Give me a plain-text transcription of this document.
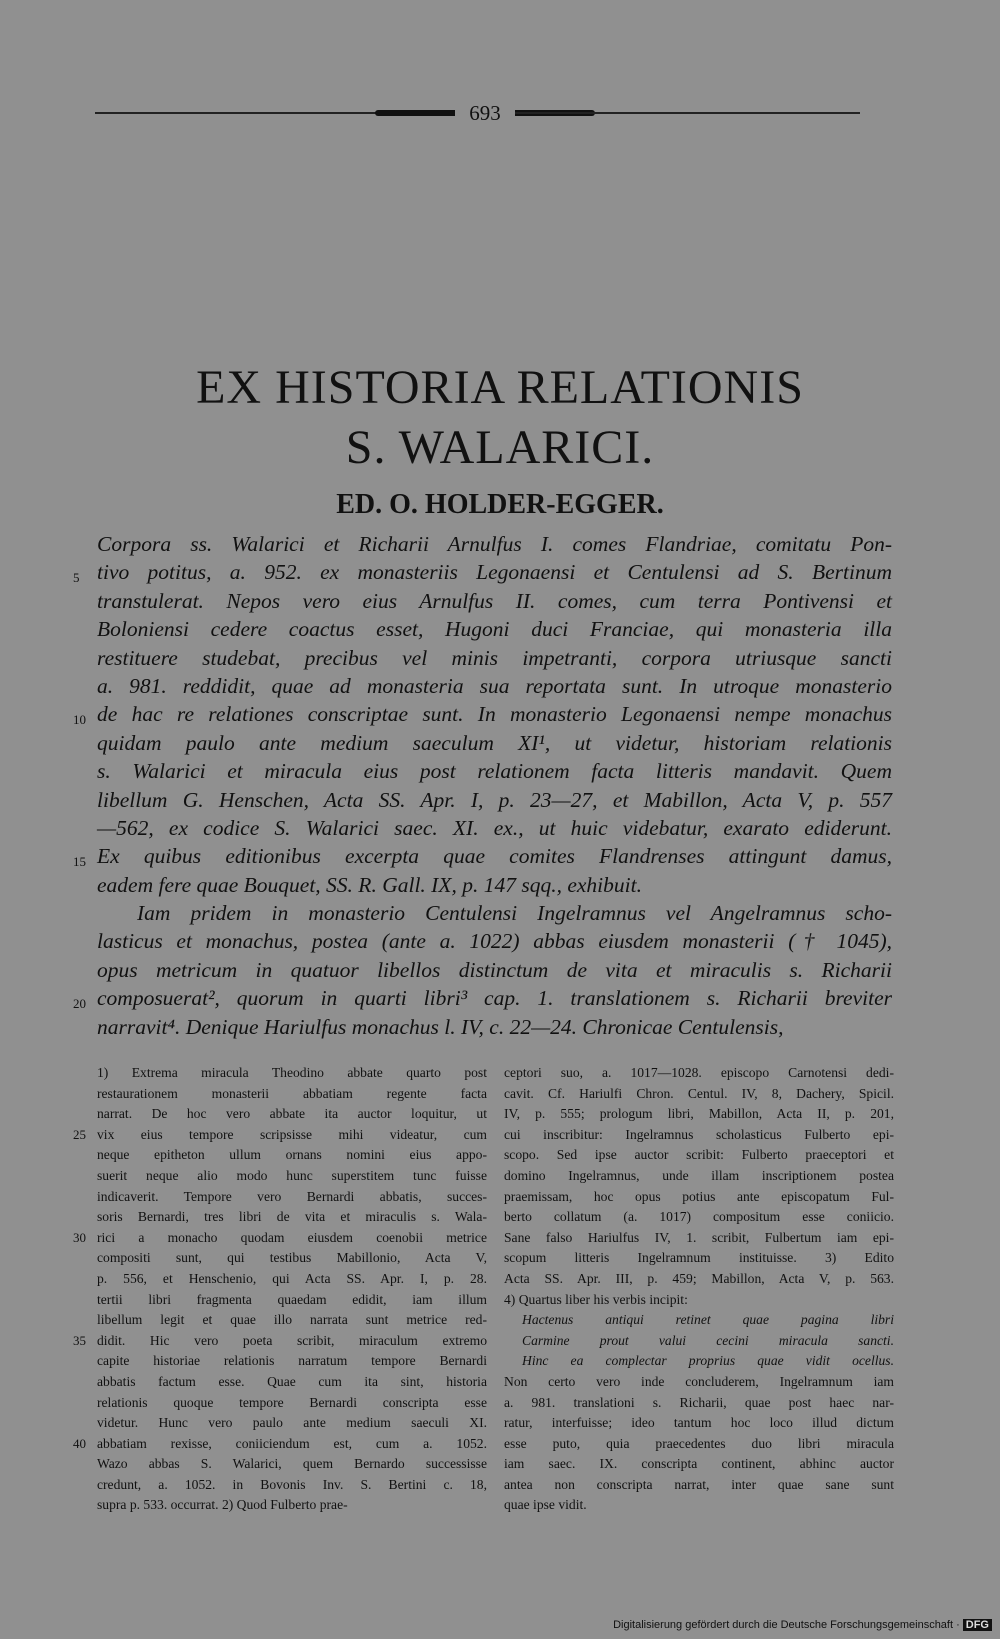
693
EX HISTORIA RELATIONIS
S. WALARICI.
ED. O. HOLDER-EGGER.
Corpora ss. Walarici et Richarii Arnulfus I. comes Flandriae, comitatu Pon-
tivo potitus, a. 952. ex monasteriis Legonaensi et Centulensi ad S. Bertinum
5
transtulerat. Nepos vero eius Arnulfus II. comes, cum terra Pontivensi et
Boloniensi cedere coactus esset, Hugoni duci Franciae, qui monasteria illa
restituere studebat, precibus vel minis impetranti, corpora utriusque sancti
a. 981. reddidit, quae ad monasteria sua reportata sunt. In utroque monasterio
de hac re relationes conscriptae sunt. In monasterio Legonaensi nempe monachus
10
quidam paulo ante medium saeculum XI¹, ut videtur, historiam relationis
s. Walarici et miracula eius post relationem facta litteris mandavit. Quem
libellum G. Henschen, Acta SS. Apr. I, p. 23—27, et Mabillon, Acta V, p. 557
—562, ex codice S. Walarici saec. XI. ex., ut huic videbatur, exarato ediderunt.
Ex quibus editionibus excerpta quae comites Flandrenses attingunt damus,
15
eadem fere quae Bouquet, SS. R. Gall. IX, p. 147 sqq., exhibuit.
Iam pridem in monasterio Centulensi Ingelramnus vel Angelramnus scho-
lasticus et monachus, postea (ante a. 1022) abbas eiusdem monasterii († 1045),
opus metricum in quatuor libellos distinctum de vita et miraculis s. Richarii
composuerat², quorum in quarti libri³ cap. 1. translationem s. Richarii breviter
20
narravit⁴. Denique Hariulfus monachus l. IV, c. 22—24. Chronicae Centulensis,
1) Extrema miracula Theodino abbate quarto post
restaurationem monasterii abbatiam regente facta
narrat. De hoc vero abbate ita auctor loquitur, ut
vix eius tempore scripsisse mihi videatur, cum
25
neque epitheton ullum ornans nomini eius appo-
suerit neque alio modo hunc superstitem tunc fuisse
indicaverit. Tempore vero Bernardi abbatis, succes-
soris Bernardi, tres libri de vita et miraculis s. Wala-
rici a monacho quodam eiusdem coenobii metrice
30
compositi sunt, qui testibus Mabillonio, Acta V,
p. 556, et Henschenio, qui Acta SS. Apr. I, p. 28.
tertii libri fragmenta quaedam edidit, iam illum
libellum legit et quae illo narrata sunt metrice red-
didit. Hic vero poeta scribit, miraculum extremo
35
capite historiae relationis narratum tempore Bernardi
abbatis factum esse. Quae cum ita sint, historia
relationis quoque tempore Bernardi conscripta esse
videtur. Hunc vero paulo ante medium saeculi XI.
abbatiam rexisse, coniiciendum est, cum a. 1052.
40
Wazo abbas S. Walarici, quem Bernardo successisse
credunt, a. 1052. in Bovonis Inv. S. Bertini c. 18,
supra p. 533. occurrat. 2) Quod Fulberto prae-
ceptori suo, a. 1017—1028. episcopo Carnotensi dedi-
cavit. Cf. Hariulfi Chron. Centul. IV, 8, Dachery, Spicil.
IV, p. 555; prologum libri, Mabillon, Acta II, p. 201,
cui inscribitur: Ingelramnus scholasticus Fulberto epi-
scopo. Sed ipse auctor scribit: Fulberto praeceptori et
domino Ingelramnus, unde illam inscriptionem postea
praemissam, hoc opus potius ante episcopatum Ful-
berto collatum (a. 1017) compositum esse coniicio.
Sane falso Hariulfus IV, 1. scribit, Fulbertum iam epi-
scopum litteris Ingelramnum instituisse. 3) Edito
Acta SS. Apr. III, p. 459; Mabillon, Acta V, p. 563.
4) Quartus liber his verbis incipit:
Hactenus antiqui retinet quae pagina libri
Carmine prout valui cecini miracula sancti.
Hinc ea complectar proprius quae vidit ocellus.
Non certo vero inde concluderem, Ingelramnum iam
a. 981. translationi s. Richarii, quae post haec nar-
ratur, interfuisse; ideo tantum hoc loco illud dictum
esse puto, quia praecedentes duo libri miracula
iam saec. IX. conscripta continent, abhinc auctor
antea non conscripta narrat, inter quae sane sunt
quae ipse vidit.
Digitalisierung gefördert durch die Deutsche Forschungsgemeinschaft · DFG
